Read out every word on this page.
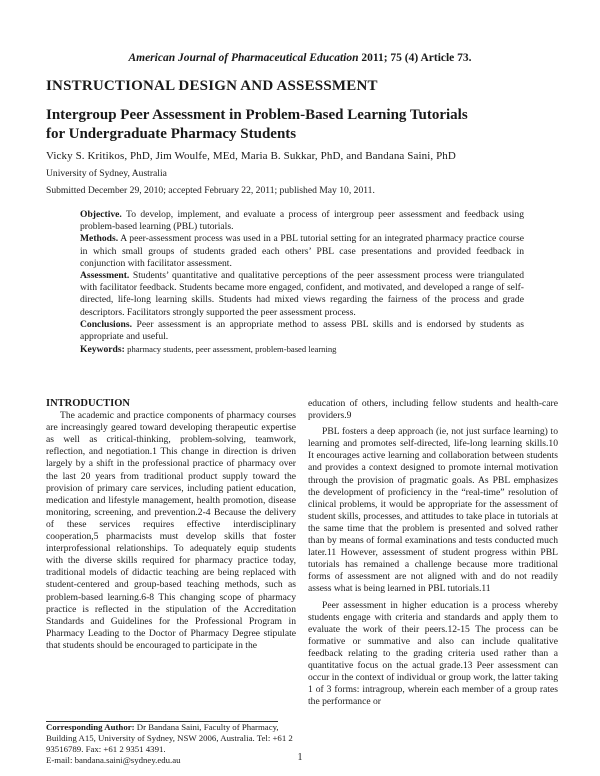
American Journal of Pharmaceutical Education 2011; 75 (4) Article 73.
INSTRUCTIONAL DESIGN AND ASSESSMENT
Intergroup Peer Assessment in Problem-Based Learning Tutorials
for Undergraduate Pharmacy Students
Vicky S. Kritikos, PhD, Jim Woulfe, MEd, Maria B. Sukkar, PhD, and Bandana Saini, PhD
University of Sydney, Australia
Submitted December 29, 2010; accepted February 22, 2011; published May 10, 2011.

Objective. To develop, implement, and evaluate a process of intergroup peer assessment and feedback using problem-based learning (PBL) tutorials.

Methods. A peer-assessment process was used in a PBL tutorial setting for an integrated pharmacy practice course in which small groups of students graded each others’ PBL case presentations and provided feedback in conjunction with facilitator assessment.

Assessment. Students’ quantitative and qualitative perceptions of the peer assessment process were triangulated with facilitator feedback. Students became more engaged, confident, and motivated, and developed a range of self-directed, life-long learning skills. Students had mixed views regarding the fairness of the process and grade descriptors. Facilitators strongly supported the peer assessment process.

Conclusions. Peer assessment is an appropriate method to assess PBL skills and is endorsed by students as appropriate and useful.

Keywords: pharmacy students, peer assessment, problem-based learning

INTRODUCTION

The academic and practice components of pharmacy courses are increasingly geared toward developing therapeutic expertise as well as critical-thinking, problem-solving, teamwork, reflection, and negotiation.1 This change in direction is driven largely by a shift in the professional practice of pharmacy over the last 20 years from traditional product supply toward the provision of primary care services, including patient education, medication and lifestyle management, health promotion, disease monitoring, screening, and prevention.2-4 Because the delivery of these services requires effective interdisciplinary cooperation,5 pharmacists must develop skills that foster interprofessional relationships. To adequately equip students with the diverse skills required for pharmacy practice today, traditional models of didactic teaching are being replaced with student-centered and group-based teaching methods, such as problem-based learning.6-8 This changing scope of pharmacy practice is reflected in the stipulation of the Accreditation Standards and Guidelines for the Professional Program in Pharmacy Leading to the Doctor of Pharmacy Degree stipulate that students should be encouraged to participate in the

education of others, including fellow students and health-care providers.9

PBL fosters a deep approach (ie, not just surface learning) to learning and promotes self-directed, life-long learning skills.10 It encourages active learning and collaboration between students and provides a context designed to promote internal motivation through the provision of pragmatic goals. As PBL emphasizes the development of proficiency in the “real-time” resolution of clinical problems, it would be appropriate for the assessment of student skills, processes, and attitudes to take place in tutorials at the same time that the problem is presented and solved rather than by means of formal examinations and tests conducted much later.11 However, assessment of student progress within PBL tutorials has remained a challenge because more traditional forms of assessment are not aligned with and do not readily assess what is being learned in PBL tutorials.11

Peer assessment in higher education is a process whereby students engage with criteria and standards and apply them to evaluate the work of their peers.12-15 The process can be formative or summative and also can include qualitative feedback relating to the grading criteria used rather than a quantitative focus on the actual grade.13 Peer assessment can occur in the context of individual or group work, the latter taking 1 of 3 forms: intragroup, wherein each member of a group rates the performance or

Corresponding Author: Dr Bandana Saini, Faculty of Pharmacy, Building A15, University of Sydney, NSW 2006, Australia. Tel: +61 2 93516789. Fax: +61 2 9351 4391.

E-mail: bandana.saini@sydney.edu.au	1
